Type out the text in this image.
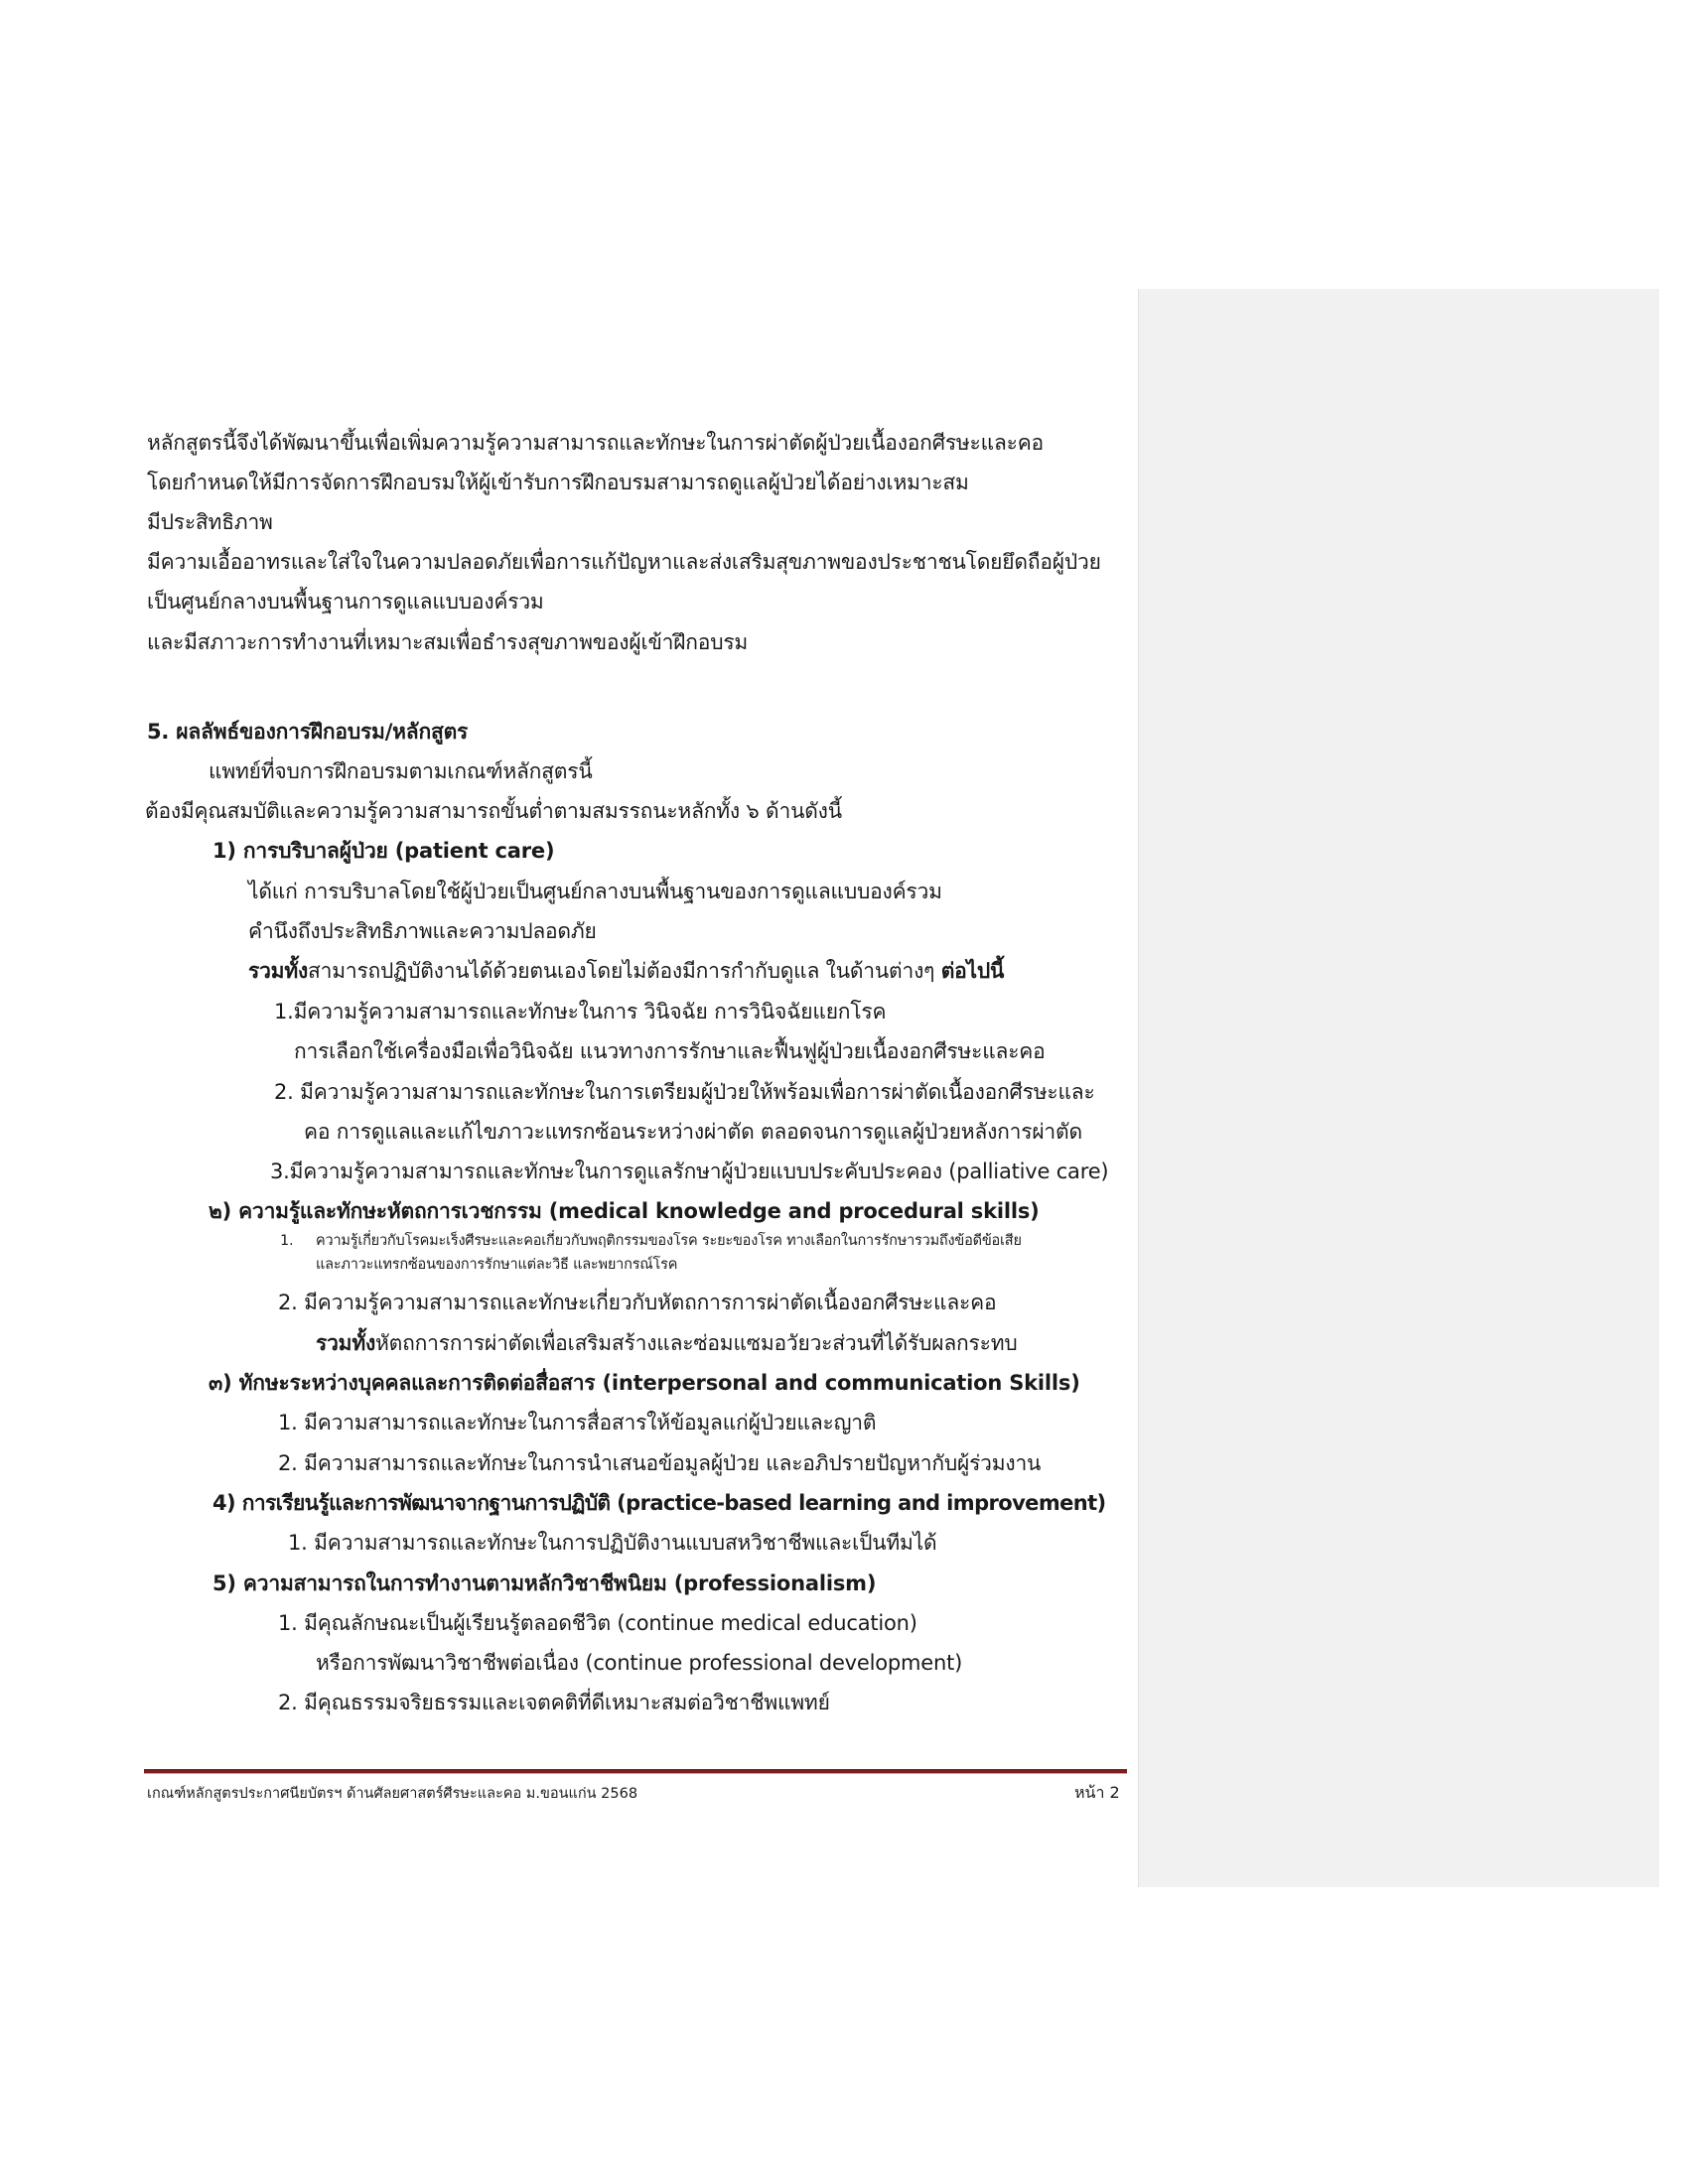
หลักสูตรนี้จึงได้พัฒนาขึ้นเพื่อเพิ่มความรู้ความสามารถและทักษะในการผ่าตัดผู้ป่วยเนื้องอกศีรษะและคอ
โดยกำหนดให้มีการจัดการฝึกอบรมให้ผู้เข้ารับการฝึกอบรมสามารถดูแลผู้ป่วยได้อย่างเหมาะสม
มีประสิทธิภาพ
มีความเอื้ออาทรและใส่ใจในความปลอดภัยเพื่อการแก้ปัญหาและส่งเสริมสุขภาพของประชาชนโดยยึดถือผู้ป่วย
เป็นศูนย์กลางบนพื้นฐานการดูแลแบบองค์รวม
และมีสภาวะการทำงานที่เหมาะสมเพื่อธำรงสุขภาพของผู้เข้าฝึกอบรม
5. ผลลัพธ์ของการฝึกอบรม/หลักสูตร
แพทย์ที่จบการฝึกอบรมตามเกณฑ์หลักสูตรนี้
ต้องมีคุณสมบัติและความรู้ความสามารถขั้นต่ำตามสมรรถนะหลักทั้ง ๖ ด้านดังนี้
1) การบริบาลผู้ป่วย (patient care)
ได้แก่ การบริบาลโดยใช้ผู้ป่วยเป็นศูนย์กลางบนพื้นฐานของการดูแลแบบองค์รวม
คำนึงถึงประสิทธิภาพและความปลอดภัย
รวมทั้งสามารถปฏิบัติงานได้ด้วยตนเองโดยไม่ต้องมีการกำกับดูแล ในด้านต่างๆ ต่อไปนี้
1.มีความรู้ความสามารถและทักษะในการ วินิจฉัย การวินิจฉัยแยกโรค
การเลือกใช้เครื่องมือเพื่อวินิจฉัย แนวทางการรักษาและฟื้นฟูผู้ป่วยเนื้องอกศีรษะและคอ
2. มีความรู้ความสามารถและทักษะในการเตรียมผู้ป่วยให้พร้อมเพื่อการผ่าตัดเนื้องอกศีรษะและ
คอ การดูแลและแก้ไขภาวะแทรกซ้อนระหว่างผ่าตัด ตลอดจนการดูแลผู้ป่วยหลังการผ่าตัด
3.มีความรู้ความสามารถและทักษะในการดูแลรักษาผู้ป่วยแบบประคับประคอง (palliative care)
๒) ความรู้และทักษะหัตถการเวชกรรม (medical knowledge and procedural skills)
1. ความรู้เกี่ยวกับโรคมะเร็งศีรษะและคอเกี่ยวกับพฤติกรรมของโรค ระยะของโรค ทางเลือกในการรักษารวมถึงข้อดีข้อเสีย
และภาวะแทรกซ้อนของการรักษาแต่ละวิธี และพยากรณ์โรค
2. มีความรู้ความสามารถและทักษะเกี่ยวกับหัตถการการผ่าตัดเนื้องอกศีรษะและคอ
รวมทั้งหัตถการการผ่าตัดเพื่อเสริมสร้างและซ่อมแซมอวัยวะส่วนที่ได้รับผลกระทบ
๓) ทักษะระหว่างบุคคลและการติดต่อสื่อสาร (interpersonal and communication Skills)
1. มีความสามารถและทักษะในการสื่อสารให้ข้อมูลแก่ผู้ป่วยและญาติ
2. มีความสามารถและทักษะในการนำเสนอข้อมูลผู้ป่วย และอภิปรายปัญหากับผู้ร่วมงาน
4) การเรียนรู้และการพัฒนาจากฐานการปฏิบัติ (practice-based learning and improvement)
1. มีความสามารถและทักษะในการปฏิบัติงานแบบสหวิชาชีพและเป็นทีมได้
5) ความสามารถในการทำงานตามหลักวิชาชีพนิยม (professionalism)
1. มีคุณลักษณะเป็นผู้เรียนรู้ตลอดชีวิต (continue medical education)
หรือการพัฒนาวิชาชีพต่อเนื่อง (continue professional development)
2. มีคุณธรรมจริยธรรมและเจตคติที่ดีเหมาะสมต่อวิชาชีพแพทย์
เกณฑ์หลักสูตรประกาศนียบัตรฯ ด้านศัลยศาสตร์ศีรษะและคอ ม.ขอนแก่น 2568	หน้า 2
